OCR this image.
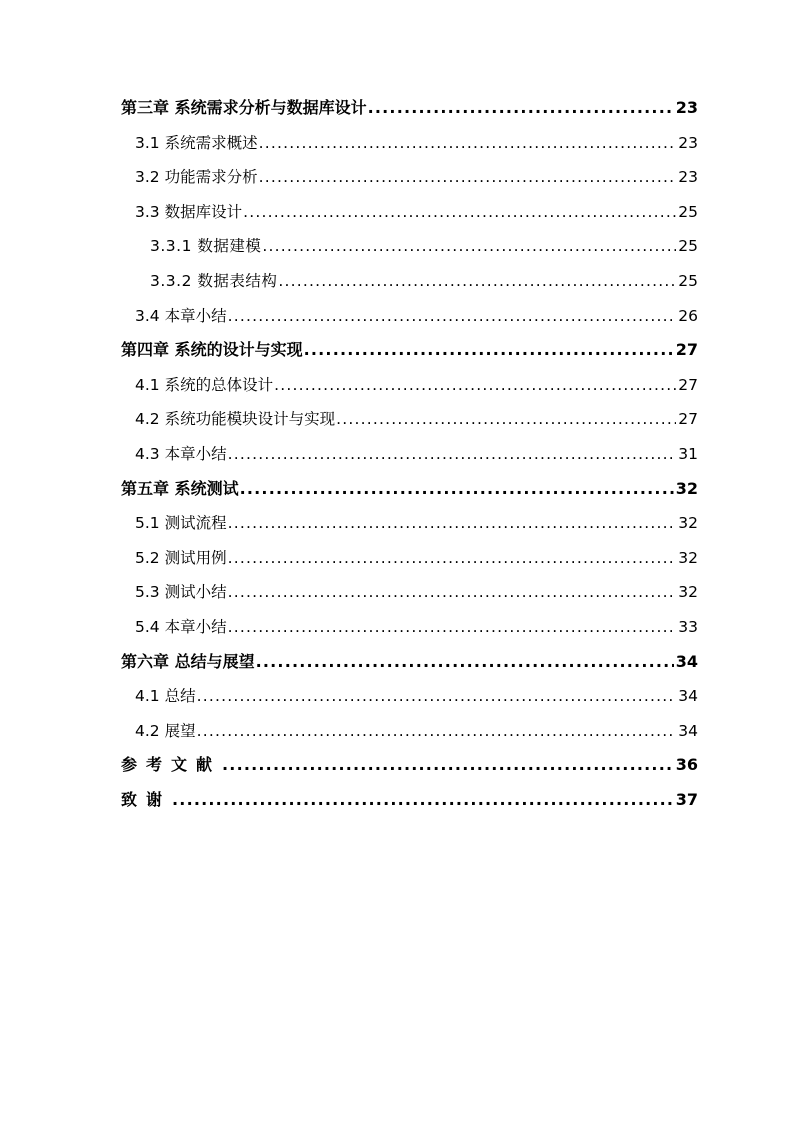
第三章 系统需求分析与数据库设计 .....	23
3.1 系统需求概述 .....	23
3.2 功能需求分析 .....	23
3.3 数据库设计 .....	25
3.3.1 数据建模 .....	25
3.3.2 数据表结构 .....	25
3.4 本章小结 .....	26
第四章 系统的设计与实现 .....	27
4.1 系统的总体设计 .....	27
4.2 系统功能模块设计与实现 .....	27
4.3 本章小结 .....	31
第五章 系统测试 .....	32
5.1 测试流程 .....	32
5.2 测试用例 .....	32
5.3 测试小结 .....	32
5.4 本章小结 .....	33
第六章 总结与展望 .....	34
4.1 总结 .....	34
4.2 展望 .....	34
参考文献 .....	36
致谢 .....	37
